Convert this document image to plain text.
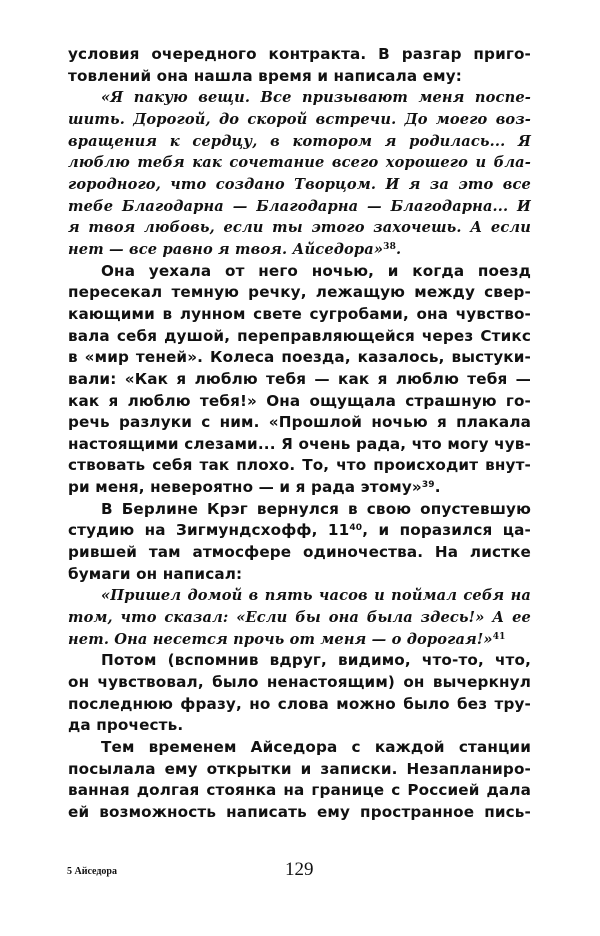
условия очередного контракта. В разгар приго-
товлений она нашла время и написала ему:

«Я пакую вещи. Все призывают меня поспе-
шить. Дорогой, до скорой встречи. До моего воз-
вращения к сердцу, в котором я родилась... Я
люблю тебя как сочетание всего хорошего и бла-
городного, что создано Творцом. И я за это все
тебе Благодарна — Благодарна — Благодарна... И
я твоя любовь, если ты этого захочешь. А если
нет — все равно я твоя. Айседора»$^{38}$.

Она уехала от него ночью, и когда поезд
пересекал темную речку, лежащую между свер-
кающими в лунном свете сугробами, она чувство-
вала себя душой, переправляющейся через Стикс
в «мир теней». Колеса поезда, казалось, выстуки-
вали: «Как я люблю тебя — как я люблю тебя —
как я люблю тебя!» Она ощущала страшную го-
речь разлуки с ним. «Прошлой ночью я плакала
настоящими слезами... Я очень рада, что могу чув-
ствовать себя так плохо. То, что происходит внут-
ри меня, невероятно — и я рада этому»$^{39}$.

В Берлине Крэг вернулся в свою опустевшую
студию на Зигмундсхофф, $11^{40}$, и поразился ца-
рившей там атмосфере одиночества. На листке
бумаги он написал:

«Пришел домой в пять часов и поймал себя на
том, что сказал: «Если бы она была здесь!» А ее
нет. Она несется прочь от меня — о дорогая!»$^{41}$

Потом (вспомнив вдруг, видимо, что-то, что,
он чувствовал, было ненастоящим) он вычеркнул
последнюю фразу, но слова можно было без тру-
да прочесть.

Тем временем Айседора с каждой станции
посылала ему открытки и записки. Незапланиро-
ванная долгая стоянка на границе с Россией дала
ей возможность написать ему пространное пись-

5 Айседора	129
